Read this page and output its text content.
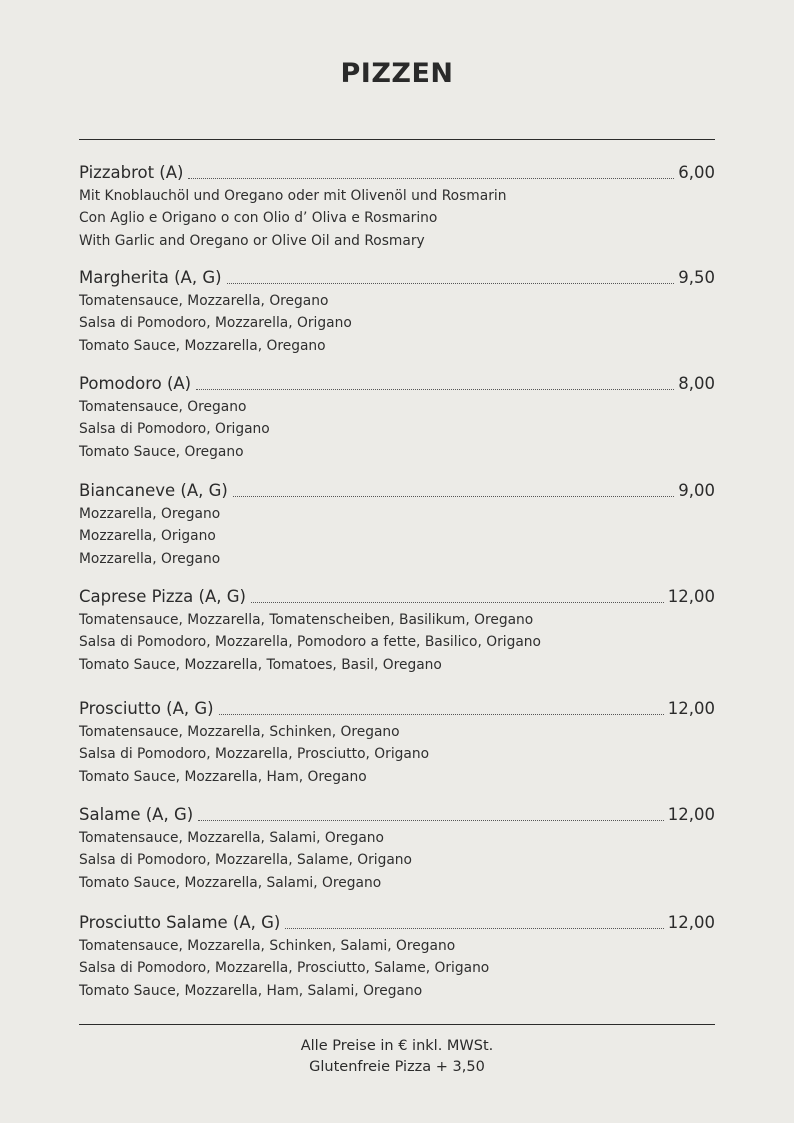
PIZZEN
Pizzabrot (A)	6,00
Mit Knoblauchöl und Oregano oder mit Olivenöl und Rosmarin
Con Aglio e Origano o con Olio d’ Oliva e Rosmarino
With Garlic and Oregano or Olive Oil and Rosmary
Margherita (A, G)	9,50
Tomatensauce, Mozzarella, Oregano
Salsa di Pomodoro, Mozzarella, Origano
Tomato Sauce, Mozzarella, Oregano
Pomodoro (A)	8,00
Tomatensauce, Oregano
Salsa di Pomodoro, Origano
Tomato Sauce, Oregano
Biancaneve (A, G)	9,00
Mozzarella, Oregano
Mozzarella, Origano
Mozzarella, Oregano
Caprese Pizza (A, G)	12,00
Tomatensauce, Mozzarella, Tomatenscheiben, Basilikum, Oregano
Salsa di Pomodoro, Mozzarella, Pomodoro a fette, Basilico, Origano
Tomato Sauce, Mozzarella, Tomatoes, Basil, Oregano
Prosciutto (A, G)	12,00
Tomatensauce, Mozzarella, Schinken, Oregano
Salsa di Pomodoro, Mozzarella, Prosciutto, Origano
Tomato Sauce, Mozzarella, Ham, Oregano
Salame (A, G)	12,00
Tomatensauce, Mozzarella, Salami, Oregano
Salsa di Pomodoro, Mozzarella, Salame, Origano
Tomato Sauce, Mozzarella, Salami, Oregano
Prosciutto Salame (A, G)	12,00
Tomatensauce, Mozzarella, Schinken, Salami, Oregano
Salsa di Pomodoro, Mozzarella, Prosciutto, Salame, Origano
Tomato Sauce, Mozzarella, Ham, Salami, Oregano
Alle Preise in € inkl. MWSt.
Glutenfreie Pizza + 3,50
